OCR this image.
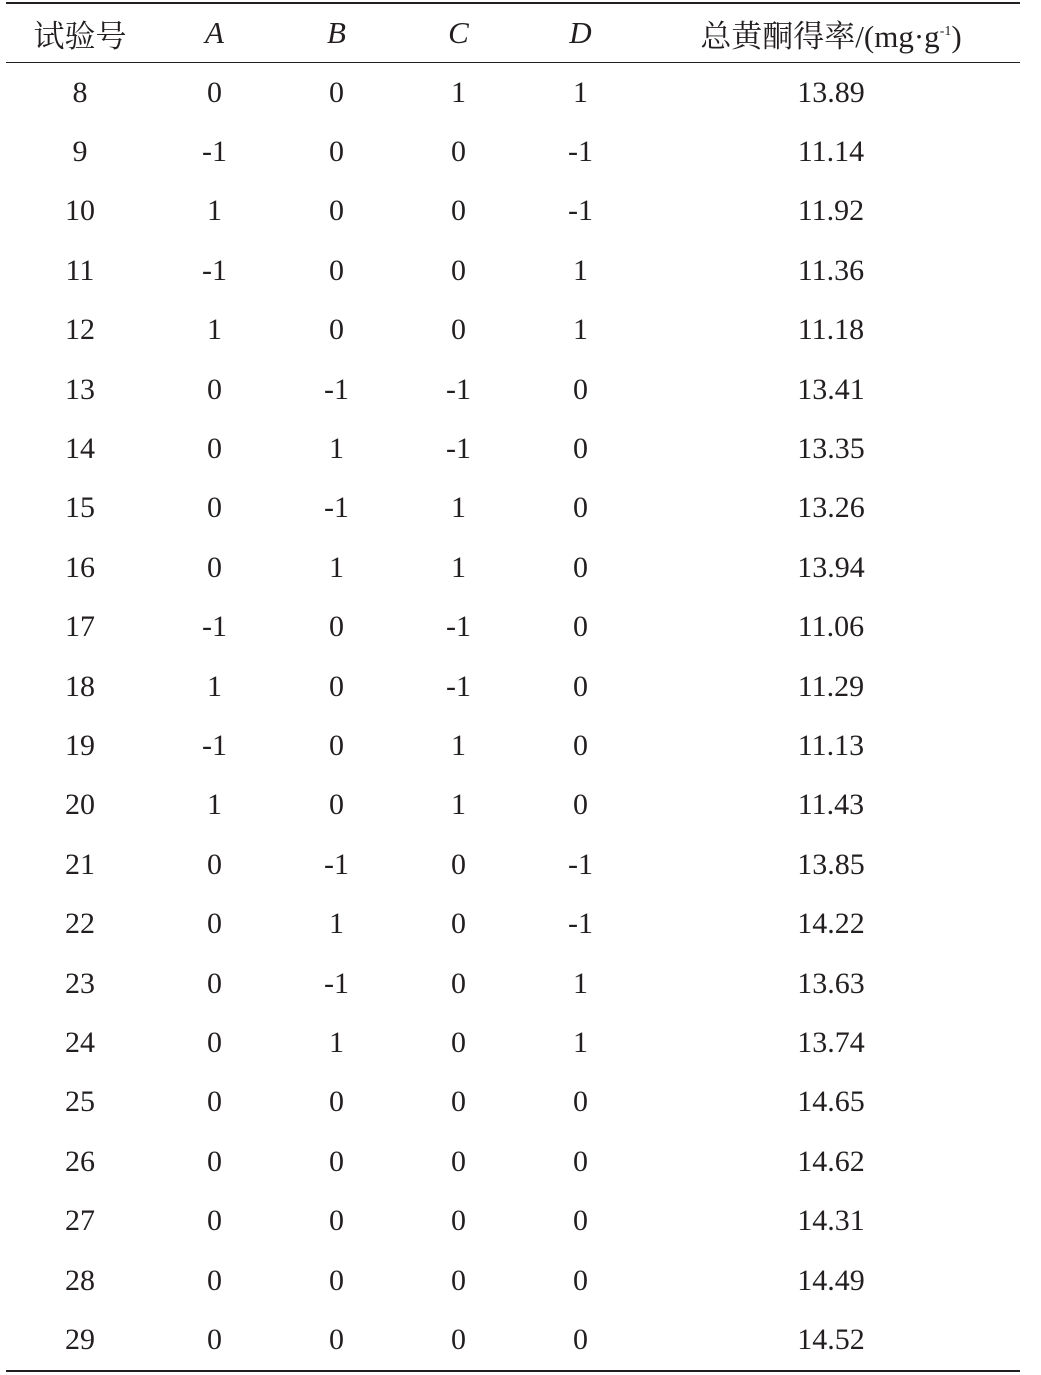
试验号	A	B	C	D	总黄酮得率$/(mg\cdot g^{-1})$
8	0	0	1	1	13.89
9	-1	0	0	-1	11.14
10	1	0	0	-1	11.92
11	-1	0	0	1	11.36
12	1	0	0	1	11.18
13	0	-1	-1	0	13.41
14	0	1	-1	0	13.35
15	0	-1	1	0	13.26
16	0	1	1	0	13.94
17	-1	0	-1	0	11.06
18	1	0	-1	0	11.29
19	-1	0	1	0	11.13
20	1	0	1	0	11.43
21	0	-1	0	-1	13.85
22	0	1	0	-1	14.22
23	0	-1	0	1	13.63
24	0	1	0	1	13.74
25	0	0	0	0	14.65
26	0	0	0	0	14.62
27	0	0	0	0	14.31
28	0	0	0	0	14.49
29	0	0	0	0	14.52
